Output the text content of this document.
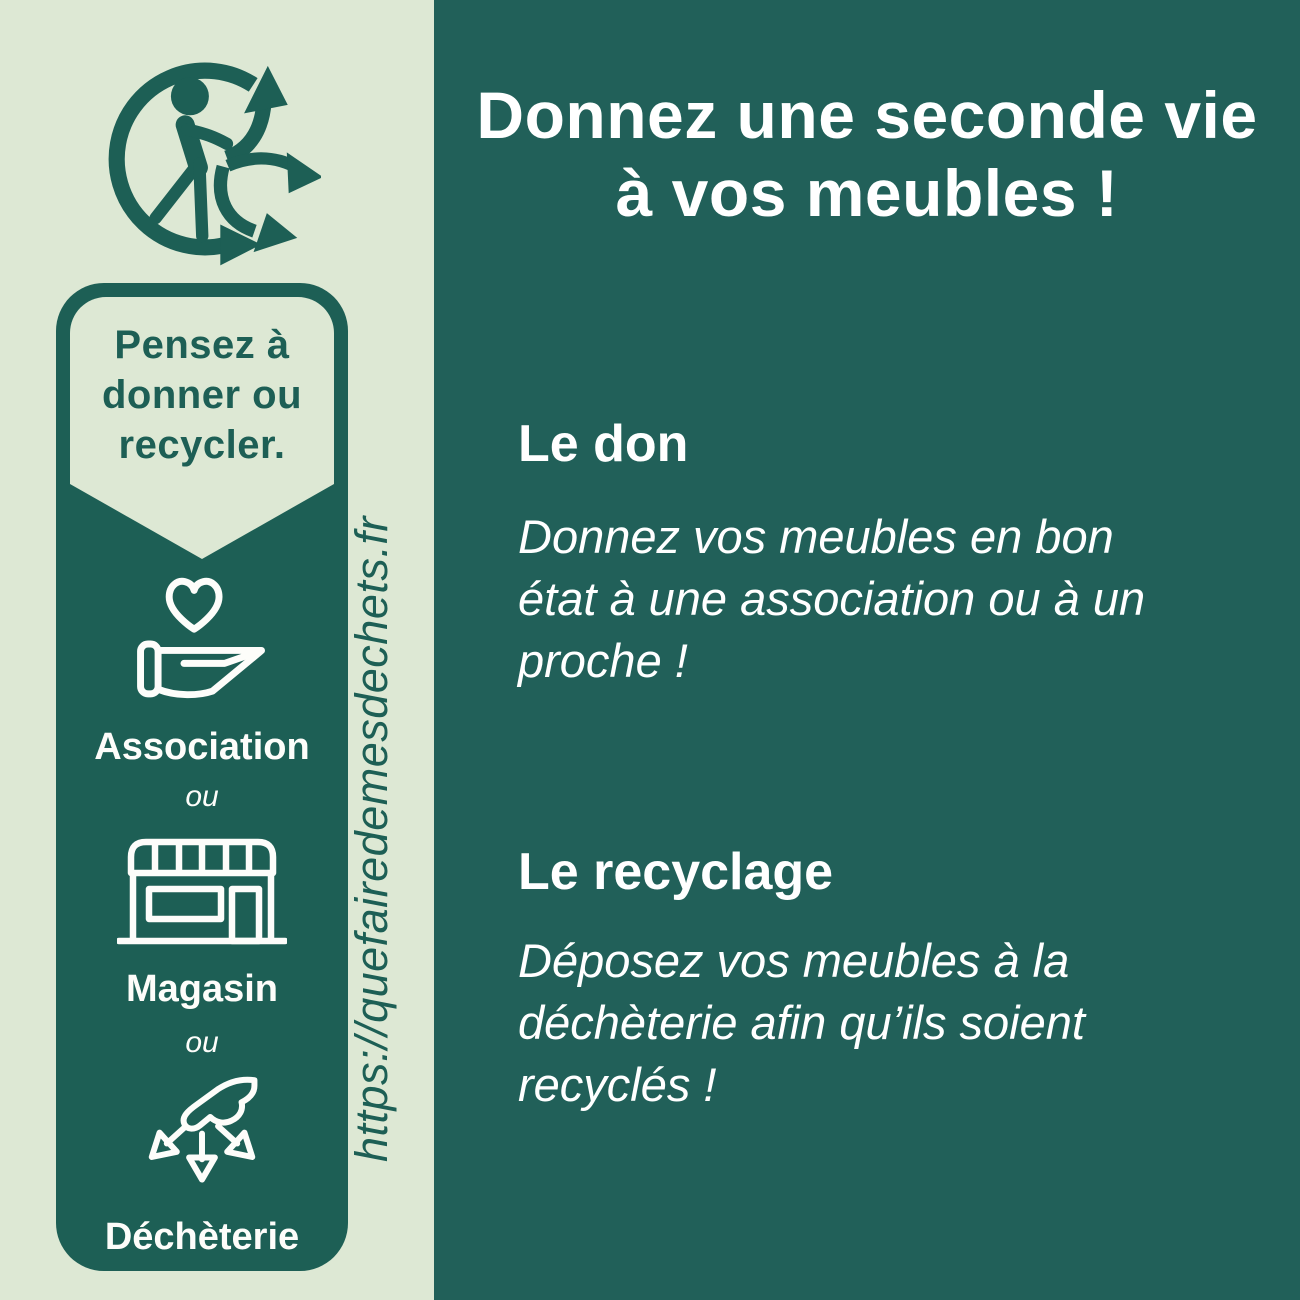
Pensez à
donner ou
recycler.
Association
ou
Magasin
ou
Déchèterie
https://quefairedemesdechets.fr
Donnez une seconde vie
à vos meubles !
Le don
Donnez vos meubles en bon
état à une association ou à un
proche !
Le recyclage
Déposez vos meubles à la
déchèterie afin qu’ils soient
recyclés !
